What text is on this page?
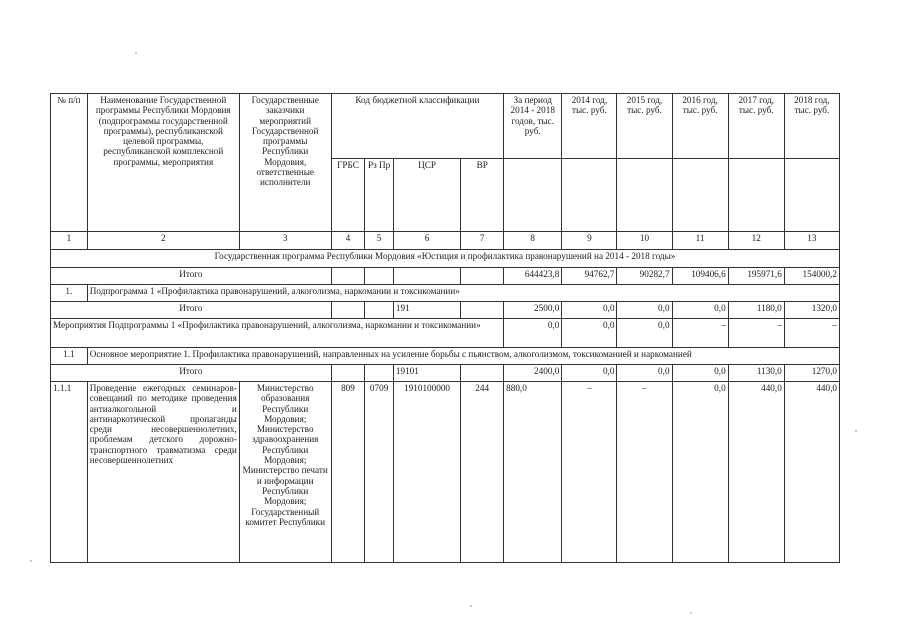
№ п/п	Наименование Государственной программы Республики Мордовия (подпрограммы государственной программы), республиканской целевой программы, республиканской комплексной программы, мероприятия	Государственные заказчики мероприятий Государственной программы Республики Мордовия, ответственные исполнители	Код бюджетной классификации				За период 2014 - 2018 годов, тыс. руб.	2014 год, тыс. руб.	2015 год, тыс. руб.	2016 год, тыс. руб.	2017 год, тыс. руб.	2018 год, тыс. руб.
			ГРБС	Рз Пр	ЦСР	ВР						
1	2	3	4	5	6	7	8	9	10	11	12	13
Государственная программа Республики Мордовия «Юстиция и профилактика правонарушений на 2014 - 2018 годы»												
Итого							644423,8	94762,7	90282,7	109406,6	195971,6	154000,2
1.	Подпрограмма 1 «Профилактика правонарушений, алкоголизма, наркомании и токсикомании»											
Итого					191		2500,0	0,0	0,0	0,0	1180,0	1320,0
Мероприятия Подпрограммы 1 «Профилактика правонарушений, алкоголизма, наркомании и токсикомании»							0,0	0,0	0,0	–	–	–
1.1	Основное мероприятие 1. Профилактика правонарушений, направленных на усиление борьбы с пьянством, алкоголизмом, токсикоманией и наркоманией											
Итого					19101		2400,0	0,0	0,0	0,0	1130,0	1270,0
1.1.1	Проведение ежегодных семинаров-совещаний по методике проведения антиалкогольной и антинаркотической пропаганды среди несовершеннолетних, проблемам детского дорожно-транспортного травматизма среди несовершеннолетних	Министерство образования Республики Мордовия; Министерство здравоохранения Республики Мордовия; Министерство печати и информации Республики Мордовия; Государственный комитет Республики	809	0709	1910100000	244	880,0	–	–	0,0	440,0	440,0
